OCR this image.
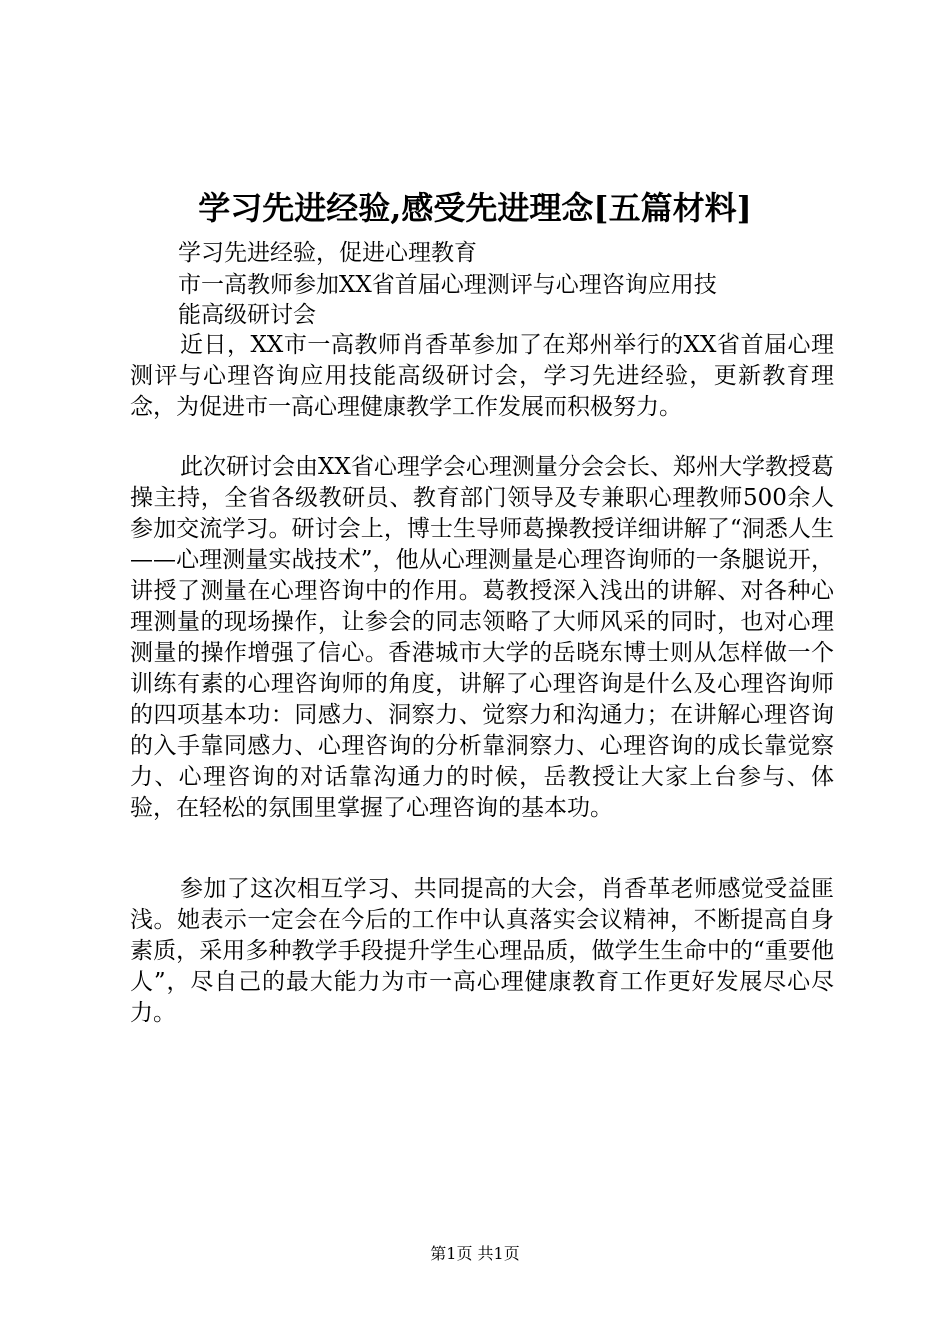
学习先进经验,感受先进理念[五篇材料]
学习先进经验，促进心理教育
市一高教师参加XX省首届心理测评与心理咨询应用技
能高级研讨会

近日，XX市一高教师肖香革参加了在郑州举行的XX省首届心理测评与心理咨询应用技能高级研讨会，学习先进经验，更新教育理念，为促进市一高心理健康教学工作发展而积极努力。

此次研讨会由XX省心理学会心理测量分会会长、郑州大学教授葛操主持，全省各级教研员、教育部门领导及专兼职心理教师500余人参加交流学习。研讨会上，博士生导师葛操教授详细讲解了“洞悉人生——心理测量实战技术”，他从心理测量是心理咨询师的一条腿说开，讲授了测量在心理咨询中的作用。葛教授深入浅出的讲解、对各种心理测量的现场操作，让参会的同志领略了大师风采的同时，也对心理测量的操作增强了信心。香港城市大学的岳晓东博士则从怎样做一个训练有素的心理咨询师的角度，讲解了心理咨询是什么及心理咨询师的四项基本功：同感力、洞察力、觉察力和沟通力；在讲解心理咨询的入手靠同感力、心理咨询的分析靠洞察力、心理咨询的成长靠觉察力、心理咨询的对话靠沟通力的时候，岳教授让大家上台参与、体验，在轻松的氛围里掌握了心理咨询的基本功。

参加了这次相互学习、共同提高的大会，肖香革老师感觉受益匪浅。她表示一定会在今后的工作中认真落实会议精神，不断提高自身素质，采用多种教学手段提升学生心理品质，做学生生命中的“重要他人”，尽自己的最大能力为市一高心理健康教育工作更好发展尽心尽力。

第1页 共1页
